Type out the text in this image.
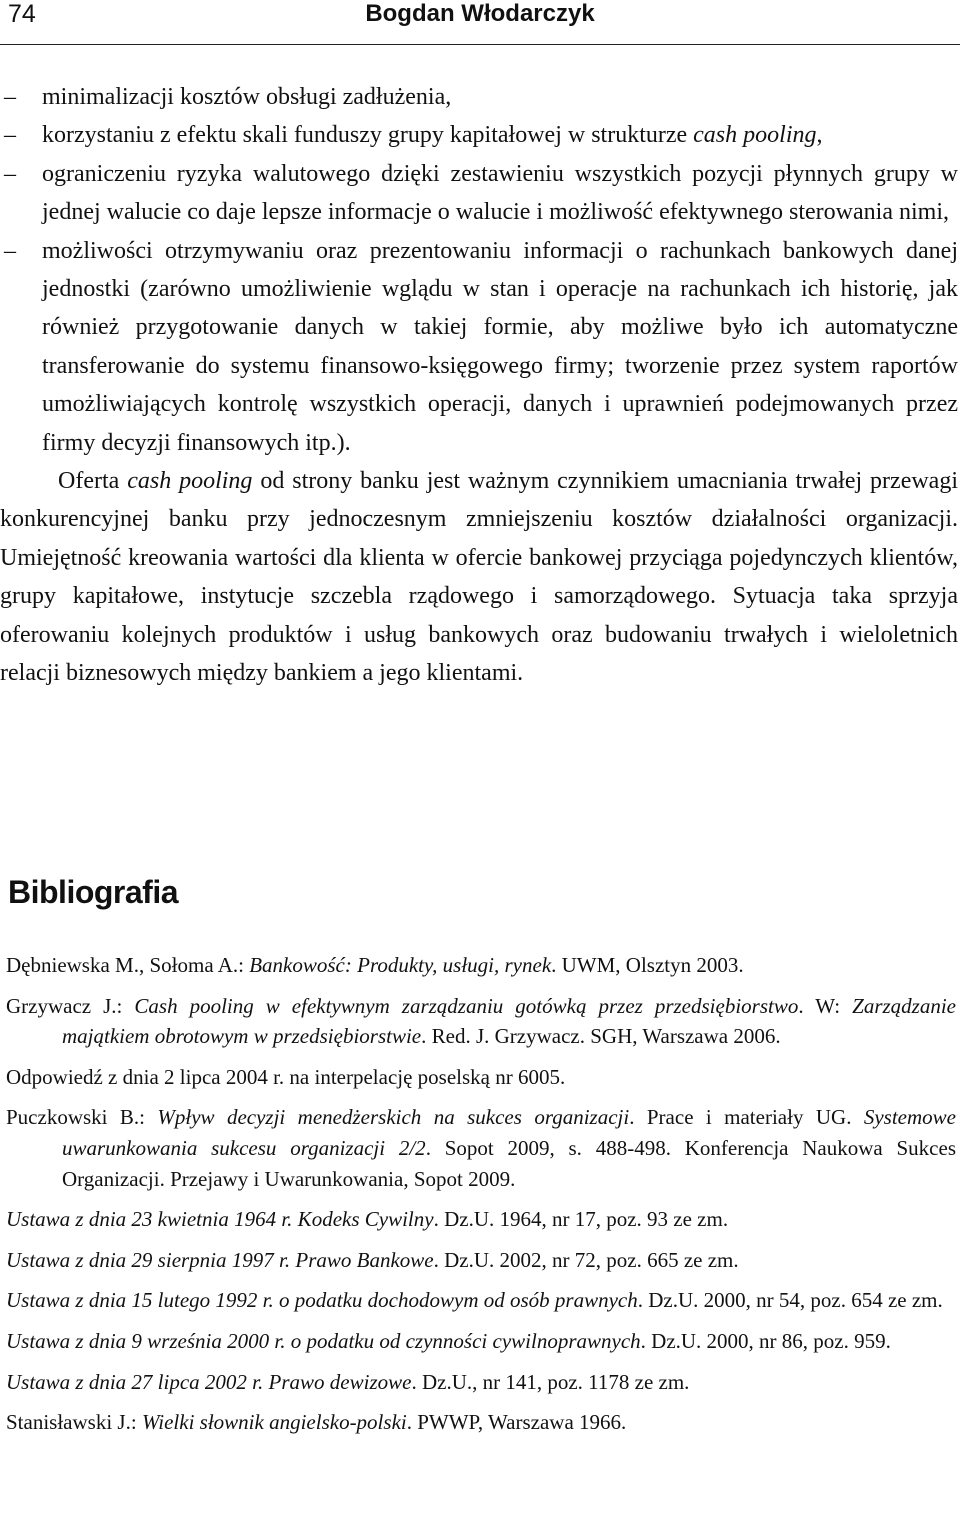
74	Bogdan Włodarczyk
– minimalizacji kosztów obsługi zadłużenia,
– korzystaniu z efektu skali funduszy grupy kapitałowej w strukturze cash pooling,
– ograniczeniu ryzyka walutowego dzięki zestawieniu wszystkich pozycji płynnych grupy w jednej walucie co daje lepsze informacje o walucie i możliwość efektywnego sterowania nimi,
– możliwości otrzymywaniu oraz prezentowaniu informacji o rachunkach bankowych danej jednostki (zarówno umożliwienie wglądu w stan i operacje na rachunkach ich historię, jak również przygotowanie danych w takiej formie, aby możliwe było ich automatyczne transferowanie do systemu finansowo-księgowego firmy; tworzenie przez system raportów umożliwiających kontrolę wszystkich operacji, danych i uprawnień podejmowanych przez firmy decyzji finansowych itp.).

Oferta cash pooling od strony banku jest ważnym czynnikiem umacniania trwałej przewagi konkurencyjnej banku przy jednoczesnym zmniejszeniu kosztów działalności organizacji. Umiejętność kreowania wartości dla klienta w ofercie bankowej przyciąga pojedynczych klientów, grupy kapitałowe, instytucje szczebla rządowego i samorządowego. Sytuacja taka sprzyja oferowaniu kolejnych produktów i usług bankowych oraz budowaniu trwałych i wieloletnich relacji biznesowych między bankiem a jego klientami.

Bibliografia

Dębniewska M., Sołoma A.: Bankowość: Produkty, usługi, rynek. UWM, Olsztyn 2003.

Grzywacz J.: Cash pooling w efektywnym zarządzaniu gotówką przez przedsiębiorstwo. W: Zarządzanie majątkiem obrotowym w przedsiębiorstwie. Red. J. Grzywacz. SGH, Warszawa 2006.

Odpowiedź z dnia 2 lipca 2004 r. na interpelację poselską nr 6005.

Puczkowski B.: Wpływ decyzji menedżerskich na sukces organizacji. Prace i materiały UG. Systemowe uwarunkowania sukcesu organizacji 2/2. Sopot 2009, s. 488-498. Konferencja Naukowa Sukces Organizacji. Przejawy i Uwarunkowania, Sopot 2009.

Ustawa z dnia 23 kwietnia 1964 r. Kodeks Cywilny. Dz.U. 1964, nr 17, poz. 93 ze zm.

Ustawa z dnia 29 sierpnia 1997 r. Prawo Bankowe. Dz.U. 2002, nr 72, poz. 665 ze zm.

Ustawa z dnia 15 lutego 1992 r. o podatku dochodowym od osób prawnych. Dz.U. 2000, nr 54, poz. 654 ze zm.

Ustawa z dnia 9 września 2000 r. o podatku od czynności cywilnoprawnych. Dz.U. 2000, nr 86, poz. 959.

Ustawa z dnia 27 lipca 2002 r. Prawo dewizowe. Dz.U., nr 141, poz. 1178 ze zm.

Stanisławski J.: Wielki słownik angielsko-polski. PWWP, Warszawa 1966.
